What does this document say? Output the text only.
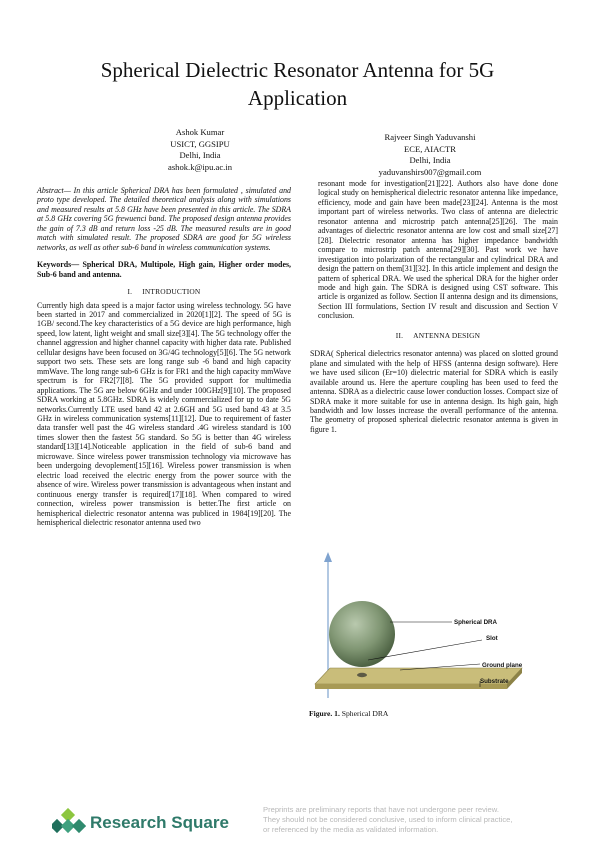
Spherical Dielectric Resonator Antenna for 5G
Application
Ashok Kumar
USICT, GGSIPU
Delhi, India
ashok.k@ipu.ac.in
Rajveer Singh Yaduvanshi
ECE, AIACTR
Delhi, India
yaduvanshirs007@gmail.com

Abstract— In this article Spherical DRA has been formulated , simulated and proto type developed. The detailed theoretical analysis along with simulations and measured results at 5.8 GHz have been presented in this article. The SDRA at 5.8 GHz covering 5G frewuenci band. The proposed design antenna provides the gain of 7.3 dB and return loss -25 dB. The measured results are in good match with simulated result. The proposed SDRA are good for 5G wireless networks, as well as other sub-6 band in wireless communication systems.

Keywords— Spherical DRA, Multipole, High gain, Higher order modes, Sub-6 band and antenna.

I. INTRODUCTION

Currently high data speed is a major factor using wireless technology. 5G have been started in 2017 and commercialized in 2020[1][2]. The speed of 5G is 1GB/ second.The key characteristics of a 5G device are high performance, high speed, low latent, light weight and small size[3][4]. The 5G technology offer the channel aggression and higher channel capacity with higher data rate. Published cellular designs have been focused on 3G/4G technology[5][6]. The 5G network support two sets. These sets are long range sub -6 band and high capacity mmWave. The long range sub-6 GHz is for FR1 and the high capacity mmWave spectrum is for FR2[7][8]. The 5G provided support for multimedia applications. The 5G are below 6GHz and under 100GHz[9][10]. The proposed SDRA working at 5.8GHz. SDRA is widely commercialized for up to date 5G networks.Currently LTE used band 42 at 2.6GH and 5G used band 43 at 3.5 GHz in wireless communication systems[11][12]. Due to requirement of faster data transfer well past the 4G wireless standard .4G wireless standard is 100 times slower then the fastest 5G standard. So 5G is better than 4G wireless standard[13][14].Noticeable application in the field of sub-6 band and microwave. Since wireless power transmission technology via microwave has been undergoing devoplement[15][16]. Wireless power transmission is when electric load received the electric energy from the power source with the absence of wire. Wireless power transmission is advantageous when instant and continuous energy transfer is required[17][18]. When compared to wired connection, wireless power transmission is better.The first article on hemispherical dielectric resonator antenna was publiced in 1984[19][20]. The hemispherical dielectric resonator antenna used two

resonant mode for investigation[21][22]. Authors also have done done logical study on hemispherical dielectric resonator antenna like impedance, efficiency, mode and gain have been made[23][24]. Antenna is the most important part of wireless networks. Two class of antenna are dielectric resonator antenna and microstrip patch antenna[25][26]. The main advantages of dielectric resonator antenna are low cost and small size[27][28]. Dielectric resonator antenna has higher impedance bandwidth compare to microstrip patch antenna[29][30]. Past work we have investigation into polarization of the rectangular and cylindrical DRA and design the pattern on them[31][32]. In this article implement and design the pattern of spherical DRA. We used the spherical DRA for the higher order mode and high gain. The SDRA is designed using CST software. This article is organized as follow. Section II antenna design and its dimensions, Section III formulations, Section IV result and discussion and Section V conclusion.

II. ANTENNA DESIGN

SDRA( Spherical dielectrics resonator antenna) was placed on slotted ground plane and simulated with the help of HFSS (antenna design software). Here we have used silicon (Er=10) dielectric material for SDRA which is easily available around us. Here the aperture coupling has been used to feed the antenna. SDRA as a dielectric cause lower conduction losses. Compact size of SDRA make it more suitable for use in antenna design. Its high gain, high bandwidth and low losses increase the overall performance of the antenna. The geometry of proposed spherical dielectric resonator antenna is given in figure 1.

Spherical DRA
Slot
Ground plane
Substrate
Figure. 1. Spherical DRA
Research Square
Preprints are preliminary reports that have not undergone peer review.
They should not be considered conclusive, used to inform clinical practice,
or referenced by the media as validated information.
